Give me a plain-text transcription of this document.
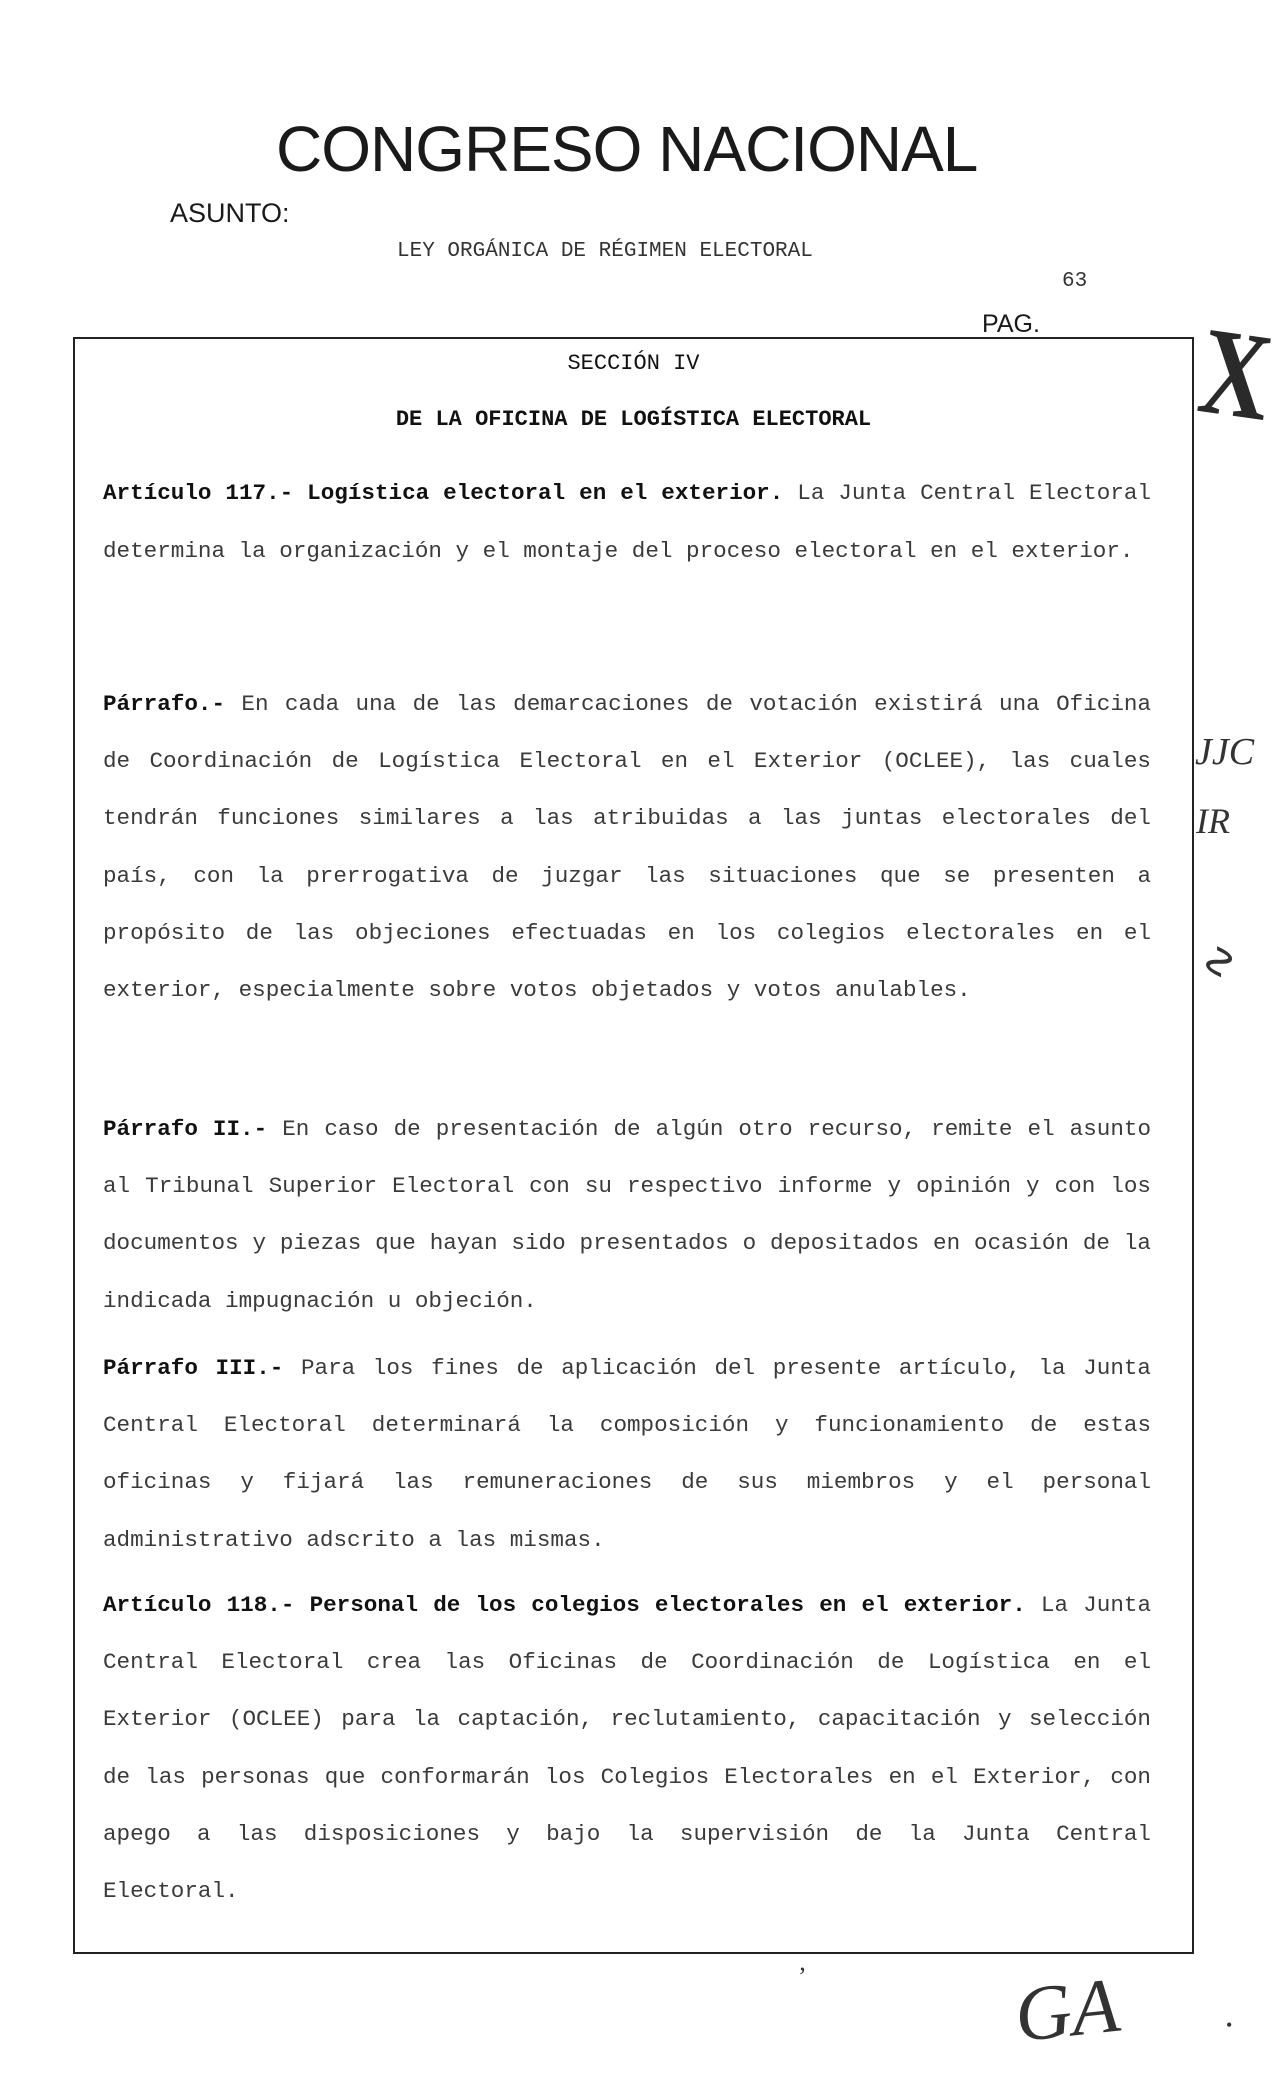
CONGRESO NACIONAL
ASUNTO:
LEY ORGÁNICA DE RÉGIMEN ELECTORAL
63
PAG.
SECCIÓN IV
DE LA OFICINA DE LOGÍSTICA ELECTORAL
Artículo 117.- Logística electoral en el exterior. La Junta Central Electoral determina la organización y el montaje del proceso electoral en el exterior.
Párrafo.- En cada una de las demarcaciones de votación existirá una Oficina de Coordinación de Logística Electoral en el Exterior (OCLEE), las cuales tendrán funciones similares a las atribuidas a las juntas electorales del país, con la prerrogativa de juzgar las situaciones que se presenten a propósito de las objeciones efectuadas en los colegios electorales en el exterior, especialmente sobre votos objetados y votos anulables.
Párrafo II.- En caso de presentación de algún otro recurso, remite el asunto al Tribunal Superior Electoral con su respectivo informe y opinión y con los documentos y piezas que hayan sido presentados o depositados en ocasión de la indicada impugnación u objeción.
Párrafo III.- Para los fines de aplicación del presente artículo, la Junta Central Electoral determinará la composición y funcionamiento de estas oficinas y fijará las remuneraciones de sus miembros y el personal administrativo adscrito a las mismas.
Artículo 118.- Personal de los colegios electorales en el exterior. La Junta Central Electoral crea las Oficinas de Coordinación de Logística en el Exterior (OCLEE) para la captación, reclutamiento, capacitación y selección de las personas que conformarán los Colegios Electorales en el Exterior, con apego a las disposiciones y bajo la supervisión de la Junta Central Electoral.
X
JJC
IR
∿
GA
’
•
